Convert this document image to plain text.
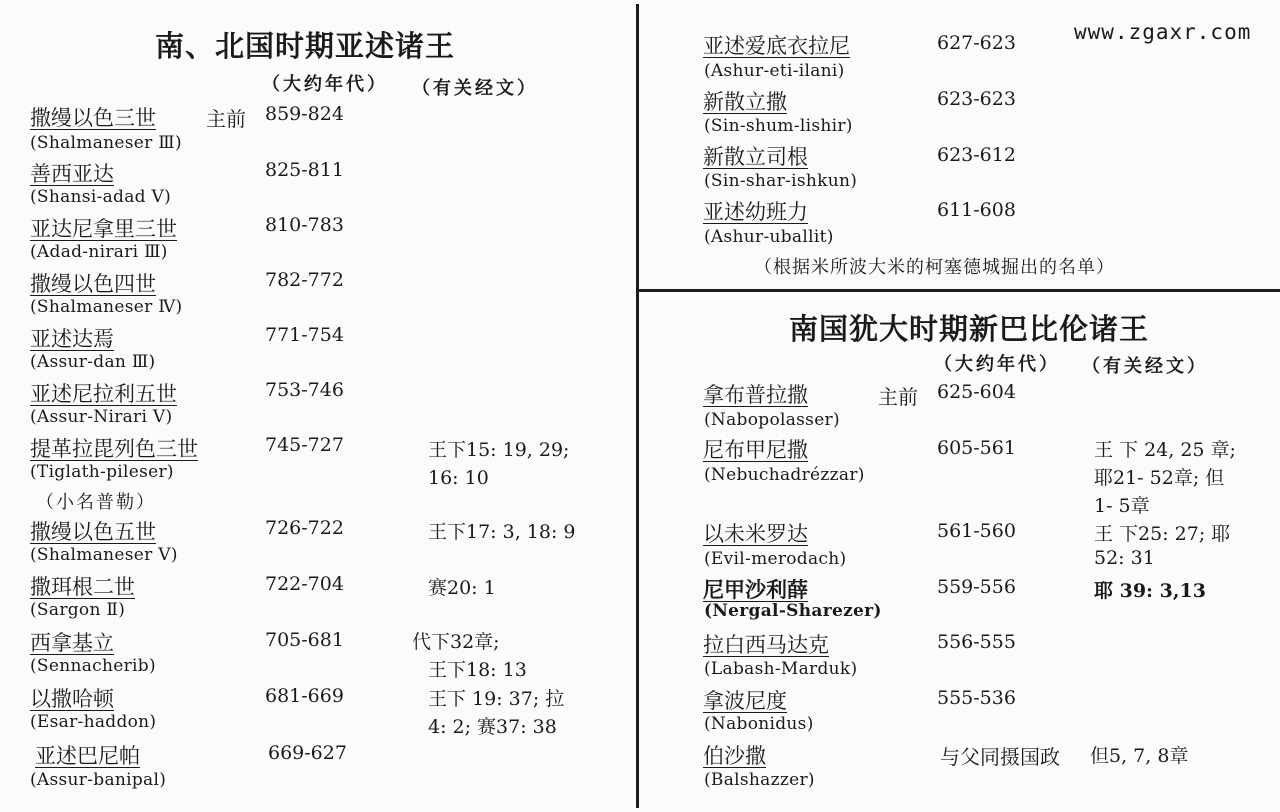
www.zgaxr.com
南、北国时期亚述诸王
（大约年代） （有关经文）
主前
撒缦以色三世
(Shalmaneser Ⅲ)
859-824
善西亚达
(Shansi-adad Ⅴ)
825-811
亚达尼拿里三世
(Adad-nirari Ⅲ)
810-783
撒缦以色四世
(Shalmaneser Ⅳ)
782-772
亚述达焉
(Assur-dan Ⅲ)
771-754
亚述尼拉利五世
(Assur-Nirari Ⅴ)
753-746
提革拉毘列色三世
(Tiglath-pileser)
（小名普勒）
745-727	王下15: 19, 29;
16: 10
撒缦以色五世
(Shalmaneser Ⅴ)
726-722	王下17: 3, 18: 9
撒珥根二世
(Sargon Ⅱ)
722-704	赛20: 1
西拿基立
(Sennacherib)
705-681	代下32章;
王下18: 13
以撒哈顿
(Esar-haddon)
681-669	王下 19: 37; 拉
4: 2; 赛37: 38
亚述巴尼帕
(Assur-banipal)
669-627
亚述爱底衣拉尼
(Ashur-eti-ilani)
627-623
新散立撒
(Sin-shum-lishir)
623-623
新散立司根
(Sin-shar-ishkun)
623-612
亚述幼班力
(Ashur-uballit)
611-608
（根据米所波大米的柯塞德城掘出的名单）
南国犹大时期新巴比伦诸王
（大约年代） （有关经文）
主前
拿布普拉撒
(Nabopolasser)
625-604
尼布甲尼撒
(Nebuchadrézzar)
605-561	王 下 24, 25 章;
耶21- 52章; 但
1- 5章
以未米罗达
(Evil-merodach)
561-560	王 下25: 27; 耶
52: 31
尼甲沙利薛
(Nergal-Sharezer)
559-556	耶 39: 3,13
拉白西马达克
(Labash-Marduk)
556-555
拿波尼度
(Nabonidus)
555-536
伯沙撒
(Balshazzer)
与父同摄国政 但5, 7, 8章
